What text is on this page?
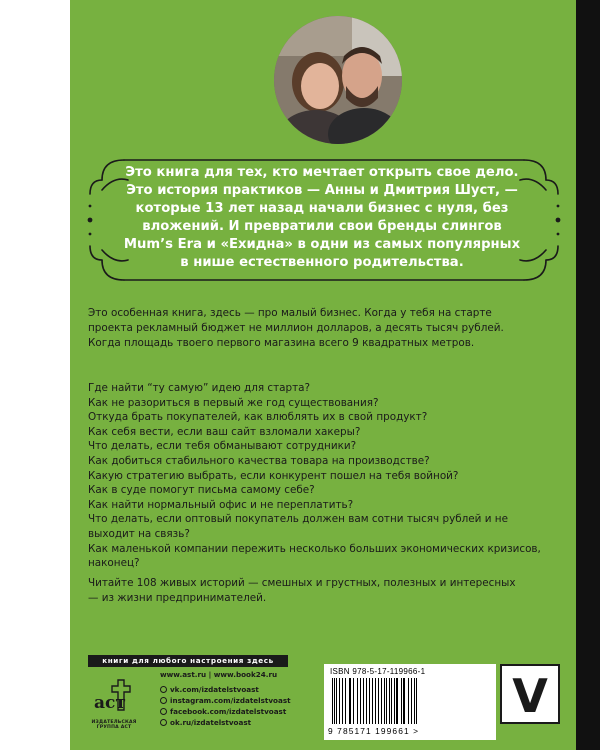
Это книга для тех, кто мечтает открыть свое дело. Это история практиков — Анны и Дмитрия Шуст, — которые 13 лет назад начали бизнес с нуля, без вложений. И превратили свои бренды слингов Mum’s Era и «Ехидна» в одни из самых популярных в нише естественного родительства.

Это особенная книга, здесь — про малый бизнес. Когда у тебя на старте проекта рекламный бюджет не миллион долларов, а десять тысяч рублей. Когда площадь твоего первого магазина всего 9 квадратных метров.

Где найти “ту самую” идею для старта?
Как не разориться в первый же год существования?
Откуда брать покупателей, как влюблять их в свой продукт?
Как себя вести, если ваш сайт взломали хакеры?
Что делать, если тебя обманывают сотрудники?
Как добиться стабильного качества товара на производстве?
Какую стратегию выбрать, если конкурент пошел на тебя войной?
Как в суде помогут письма самому себе?
Как найти нормальный офис и не переплатить?
Что делать, если оптовый покупатель должен вам сотни тысяч рублей и не выходит на связь?
Как маленькой компании пережить несколько больших экономических кризисов, наконец?

Читайте 108 живых историй — смешных и грустных, полезных и интересных — из жизни предпринимателей.

книги для любого настроения здесь
аст
ИЗДАТЕЛЬСКАЯ ГРУППА АСТ
www.ast.ru | www.book24.ru
vk.com/izdatelstvoast
instagram.com/izdatelstvoast
facebook.com/izdatelstvoast
ok.ru/izdatelstvoast
ISBN 978-5-17-119966-1
9 785171 199661 >
V
